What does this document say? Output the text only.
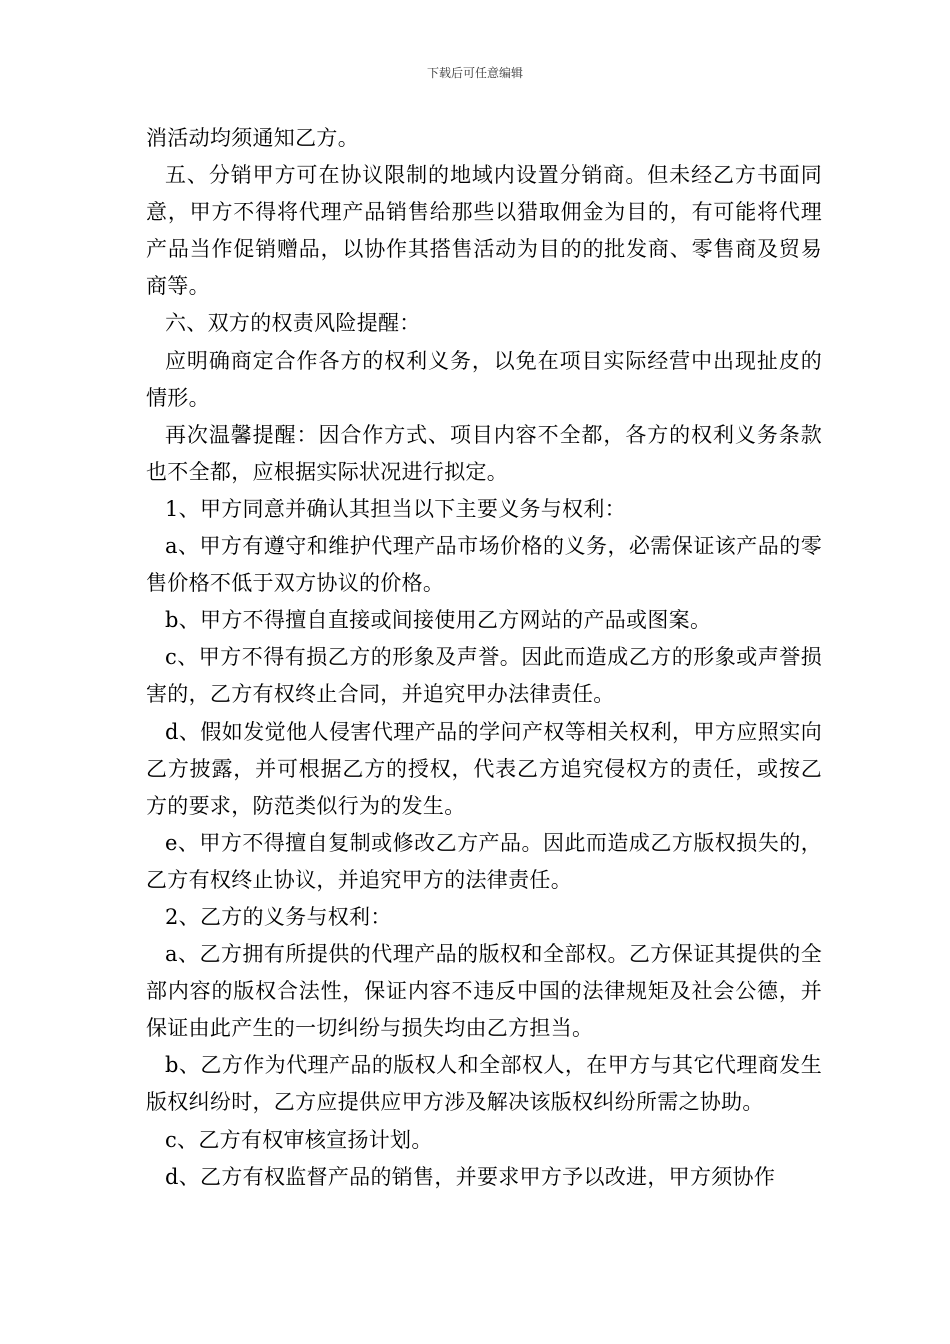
下载后可任意编辑

消活动均须通知乙方。

五、分销甲方可在协议限制的地域内设置分销商。但未经乙方书面同意，甲方不得将代理产品销售给那些以猎取佣金为目的，有可能将代理产品当作促销赠品，以协作其搭售活动为目的的批发商、零售商及贸易商等。

六、双方的权责风险提醒：

应明确商定合作各方的权利义务，以免在项目实际经营中出现扯皮的情形。

再次温馨提醒：因合作方式、项目内容不全都，各方的权利义务条款也不全都，应根据实际状况进行拟定。

1、甲方同意并确认其担当以下主要义务与权利：

a、甲方有遵守和维护代理产品市场价格的义务，必需保证该产品的零售价格不低于双方协议的价格。

b、甲方不得擅自直接或间接使用乙方网站的产品或图案。

c、甲方不得有损乙方的形象及声誉。因此而造成乙方的形象或声誉损害的，乙方有权终止合同，并追究甲办法律责任。

d、假如发觉他人侵害代理产品的学问产权等相关权利，甲方应照实向乙方披露，并可根据乙方的授权，代表乙方追究侵权方的责任，或按乙方的要求，防范类似行为的发生。

e、甲方不得擅自复制或修改乙方产品。因此而造成乙方版权损失的，乙方有权终止协议，并追究甲方的法律责任。

2、乙方的义务与权利：

a、乙方拥有所提供的代理产品的版权和全部权。乙方保证其提供的全部内容的版权合法性，保证内容不违反中国的法律规矩及社会公德，并保证由此产生的一切纠纷与损失均由乙方担当。

b、乙方作为代理产品的版权人和全部权人，在甲方与其它代理商发生版权纠纷时，乙方应提供应甲方涉及解决该版权纠纷所需之协助。

c、乙方有权审核宣扬计划。

d、乙方有权监督产品的销售，并要求甲方予以改进，甲方须协作
